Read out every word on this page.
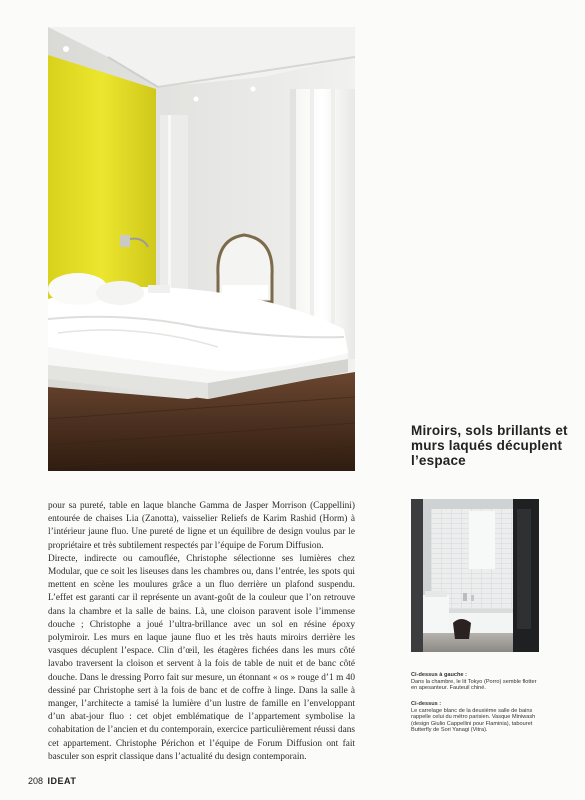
Miroirs, sols brillants et murs laqués décuplent l’espace

pour sa pureté, table en laque blanche Gamma de Jasper Morrison (Cappellini) entourée de chaises Lia (Zanotta), vaisselier Reliefs de Karim Rashid (Horm) à l’intérieur jaune fluo. Une pureté de ligne et un équilibre de design voulus par le propriétaire et très subtilement respectés par l’équipe de Forum Diffusion.

Directe, indirecte ou camouflée, Christophe sélectionne ses lumières chez Modular, que ce soit les liseuses dans les chambres ou, dans l’entrée, les spots qui mettent en scène les moulures grâce a un fluo derrière un plafond suspendu. L’effet est garanti car il représente un avant-goût de la couleur que l’on retrouve dans la chambre et la salle de bains. Là, une cloison paravent isole l’immense douche ; Christophe a joué l’ultra-brillance avec un sol en résine époxy polymiroir. Les murs en laque jaune fluo et les très hauts miroirs derrière les vasques décuplent l’espace. Clin d’œil, les étagères fichées dans les murs côté lavabo traversent la cloison et servent à la fois de table de nuit et de banc côté douche. Dans le dressing Porro fait sur mesure, un étonnant « os » rouge d’1 m 40 dessiné par Christophe sert à la fois de banc et de coffre à linge. Dans la salle à manger, l’architecte a tamisé la lumière d’un lustre de famille en l’enveloppant d’un abat-jour fluo : cet objet emblématique de l’appartement symbolise la cohabitation de l’ancien et du contemporain, exercice particulièrement réussi dans cet appartement. Christophe Périchon et l’équipe de Forum Diffusion ont fait basculer son esprit classique dans l’actualité du design contemporain.

Ci-dessus à gauche :
Dans la chambre, le lit Tokyo (Porro) semble flotter en apesanteur. Fauteuil chiné.
Ci-dessus :
Le carrelage blanc de la deuxième salle de bains rappelle celui du métro parisien. Vasque Miniwash (design Giulio Cappellini pour Flaminia), tabouret Butterfly de Sori Yanagi (Vitra).
208 IDEAT
